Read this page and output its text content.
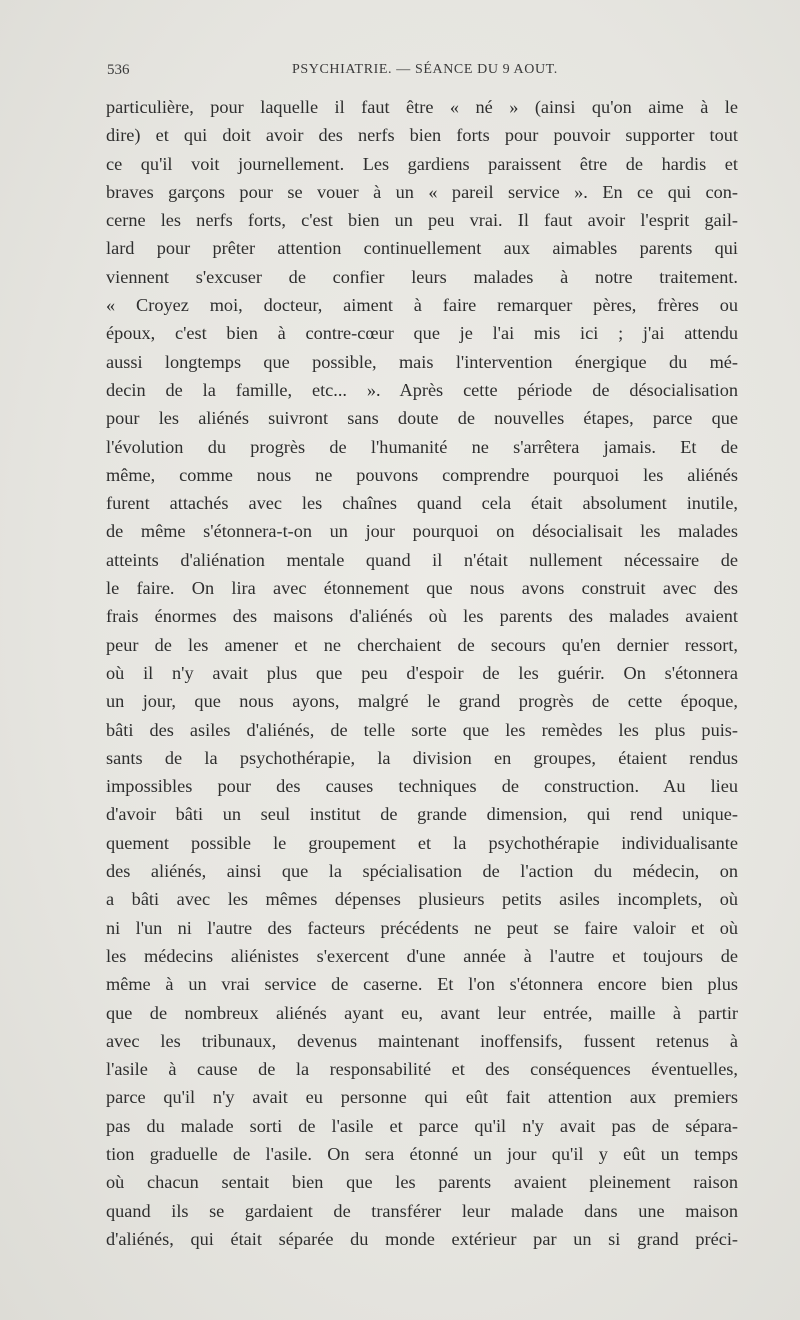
536	PSYCHIATRIE. — SÉANCE DU 9 AOUT.
particulière, pour laquelle il faut être « né » (ainsi qu'on aime à le
dire) et qui doit avoir des nerfs bien forts pour pouvoir supporter tout
ce qu'il voit journellement. Les gardiens paraissent être de hardis et
braves garçons pour se vouer à un « pareil service ». En ce qui con-
cerne les nerfs forts, c'est bien un peu vrai. Il faut avoir l'esprit gail-
lard pour prêter attention continuellement aux aimables parents qui
viennent s'excuser de confier leurs malades à notre traitement.
« Croyez moi, docteur, aiment à faire remarquer pères, frères ou
époux, c'est bien à contre-cœur que je l'ai mis ici ; j'ai attendu
aussi longtemps que possible, mais l'intervention énergique du mé-
decin de la famille, etc... ». Après cette période de désocialisation
pour les aliénés suivront sans doute de nouvelles étapes, parce que
l'évolution du progrès de l'humanité ne s'arrêtera jamais. Et de
même, comme nous ne pouvons comprendre pourquoi les aliénés
furent attachés avec les chaînes quand cela était absolument inutile,
de même s'étonnera-t-on un jour pourquoi on désocialisait les malades
atteints d'aliénation mentale quand il n'était nullement nécessaire de
le faire. On lira avec étonnement que nous avons construit avec des
frais énormes des maisons d'aliénés où les parents des malades avaient
peur de les amener et ne cherchaient de secours qu'en dernier ressort,
où il n'y avait plus que peu d'espoir de les guérir. On s'étonnera
un jour, que nous ayons, malgré le grand progrès de cette époque,
bâti des asiles d'aliénés, de telle sorte que les remèdes les plus puis-
sants de la psychothérapie, la division en groupes, étaient rendus
impossibles pour des causes techniques de construction. Au lieu
d'avoir bâti un seul institut de grande dimension, qui rend unique-
quement possible le groupement et la psychothérapie individualisante
des aliénés, ainsi que la spécialisation de l'action du médecin, on
a bâti avec les mêmes dépenses plusieurs petits asiles incomplets, où
ni l'un ni l'autre des facteurs précédents ne peut se faire valoir et où
les médecins aliénistes s'exercent d'une année à l'autre et toujours de
même à un vrai service de caserne. Et l'on s'étonnera encore bien plus
que de nombreux aliénés ayant eu, avant leur entrée, maille à partir
avec les tribunaux, devenus maintenant inoffensifs, fussent retenus à
l'asile à cause de la responsabilité et des conséquences éventuelles,
parce qu'il n'y avait eu personne qui eût fait attention aux premiers
pas du malade sorti de l'asile et parce qu'il n'y avait pas de sépara-
tion graduelle de l'asile. On sera étonné un jour qu'il y eût un temps
où chacun sentait bien que les parents avaient pleinement raison
quand ils se gardaient de transférer leur malade dans une maison
d'aliénés, qui était séparée du monde extérieur par un si grand préci-
